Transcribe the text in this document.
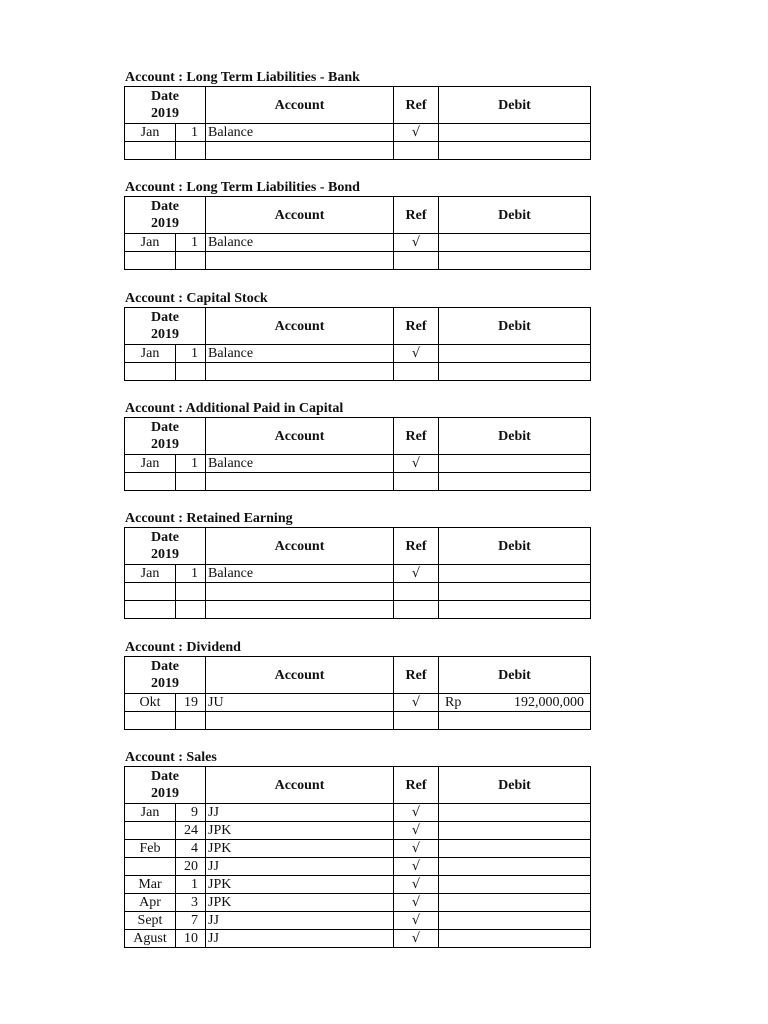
Account : Long Term Liabilities - Bank
Date
2019		Account	Ref	Debit
Jan	1	Balance	√	

Account : Long Term Liabilities - Bond
Date
2019		Account	Ref	Debit
Jan	1	Balance	√	

Account : Capital Stock
Date
2019		Account	Ref	Debit
Jan	1	Balance	√	

Account : Additional Paid in Capital
Date
2019		Account	Ref	Debit
Jan	1	Balance	√	

Account : Retained Earning
Date
2019		Account	Ref	Debit
Jan	1	Balance	√	

Account : Dividend
Date
2019		Account	Ref	Debit
Okt	19	JU	√	Rp 192,000,000

Account : Sales
Date
2019		Account	Ref	Debit
Jan	9	JJ	√	

	24	JPK	√	

Feb	4	JPK	√	

	20	JJ	√	

Mar	1	JPK	√	

Apr	3	JPK	√	

Sept	7	JJ	√	

Agust	10	JJ	√	
